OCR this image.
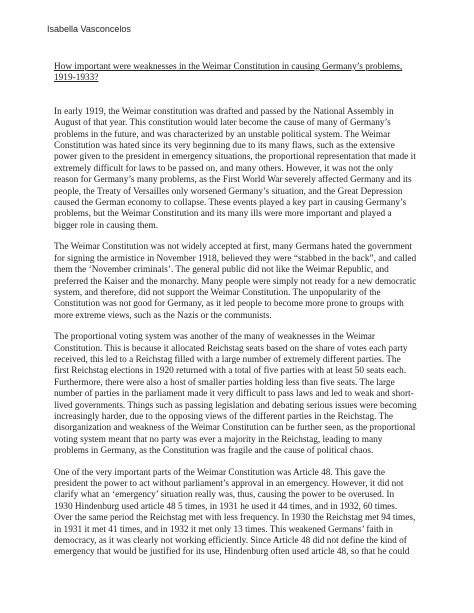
Isabella Vasconcelos

How important were weaknesses in the Weimar Constitution in causing Germany’s problems,
1919-1933?

In early 1919, the Weimar constitution was drafted and passed by the National Assembly in
August of that year. This constitution would later become the cause of many of Germany’s
problems in the future, and was characterized by an unstable political system. The Weimar
Constitution was hated since its very beginning due to its many flaws, such as the extensive
power given to the president in emergency situations, the proportional representation that made it
extremely difficult for laws to be passed on, and many others. However, it was not the only
reason for Germany’s many problems, as the First World War severely affected Germany and its
people, the Treaty of Versailles only worsened Germany’s situation, and the Great Depression
caused the German economy to collapse. These events played a key part in causing Germany’s
problems, but the Weimar Constitution and its many ills were more important and played a
bigger role in causing them.

The Weimar Constitution was not widely accepted at first, many Germans hated the government
for signing the armistice in November 1918, believed they were “stabbed in the back”, and called
them the ‘November criminals’. The general public did not like the Weimar Republic, and
preferred the Kaiser and the monarchy. Many people were simply not ready for a new democratic
system, and therefore, did not support the Weimar Constitution. The unpopularity of the
Constitution was not good for Germany, as it led people to become more prone to groups with
more extreme views, such as the Nazis or the communists.

The proportional voting system was another of the many of weaknesses in the Weimar
Constitution. This is because it allocated Reichstag seats based on the share of votes each party
received, this led to a Reichstag filled with a large number of extremely different parties. The
first Reichstag elections in 1920 returned with a total of five parties with at least 50 seats each.
Furthermore, there were also a host of smaller parties holding less than five seats. The large
number of parties in the parliament made it very difficult to pass laws and led to weak and short-
lived governments. Things such as passing legislation and debating serious issues were becoming
increasingly harder, due to the opposing views of the different parties in the Reichstag. The
disorganization and weakness of the Weimar Constitution can be further seen, as the proportional
voting system meant that no party was ever a majority in the Reichstag, leading to many
problems in Germany, as the Constitution was fragile and the cause of political chaos.

One of the very important parts of the Weimar Constitution was Article 48. This gave the
president the power to act without parliament’s approval in an emergency. However, it did not
clarify what an ‘emergency’ situation really was, thus, causing the power to be overused. In
1930 Hindenburg used article 48 5 times, in 1931 he used it 44 times, and in 1932, 60 times.
Over the same period the Reichstag met with less frequency. In 1930 the Reichstag met 94 times,
in 1931 it met 41 times, and in 1932 it met only 13 times. This weakened Germans’ faith in
democracy, as it was clearly not working efficiently. Since Article 48 did not define the kind of
emergency that would be justified for its use, Hindenburg often used article 48, so that he could
